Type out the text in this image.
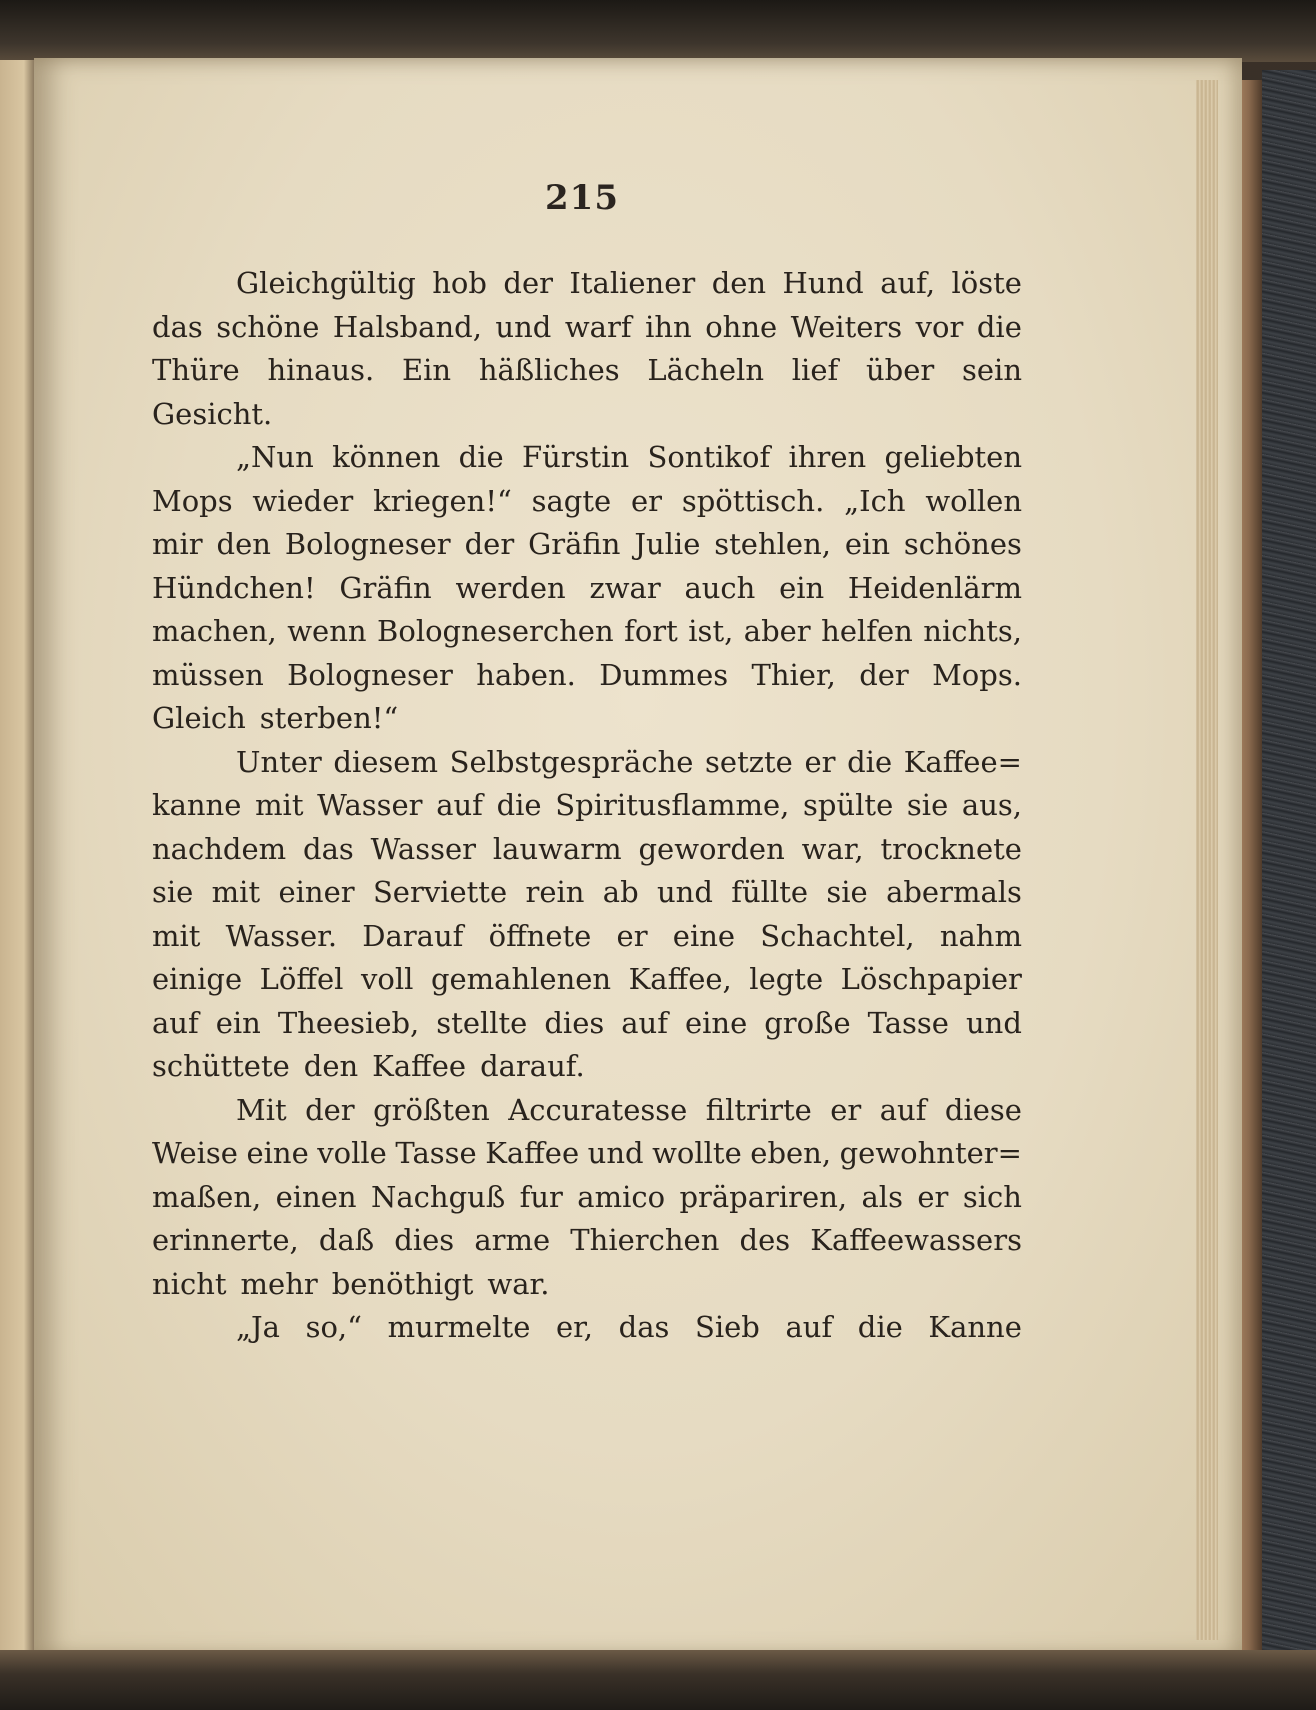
215
Gleichgültig hob der Italiener den Hund auf, löste
das schöne Halsband, und warf ihn ohne Weiters vor die
Thüre hinaus. Ein häßliches Lächeln lief über sein
Gesicht.
„Nun können die Fürstin Sontikof ihren geliebten
Mops wieder kriegen!“ sagte er spöttisch. „Ich wollen
mir den Bologneser der Gräfin Julie stehlen, ein schönes
Hündchen! Gräfin werden zwar auch ein Heidenlärm
machen, wenn Bologneserchen fort ist, aber helfen nichts,
müssen Bologneser haben. Dummes Thier, der Mops.
Gleich sterben!“
Unter diesem Selbstgespräche setzte er die Kaffee=
kanne mit Wasser auf die Spiritusflamme, spülte sie aus,
nachdem das Wasser lauwarm geworden war, trocknete
sie mit einer Serviette rein ab und füllte sie abermals
mit Wasser. Darauf öffnete er eine Schachtel, nahm
einige Löffel voll gemahlenen Kaffee, legte Löschpapier
auf ein Theesieb, stellte dies auf eine große Tasse und
schüttete den Kaffee darauf.
Mit der größten Accuratesse filtrirte er auf diese
Weise eine volle Tasse Kaffee und wollte eben, gewohnter=
maßen, einen Nachguß fur amico präpariren, als er sich
erinnerte, daß dies arme Thierchen des Kaffeewassers
nicht mehr benöthigt war.
„Ja so,“ murmelte er, das Sieb auf die Kanne
